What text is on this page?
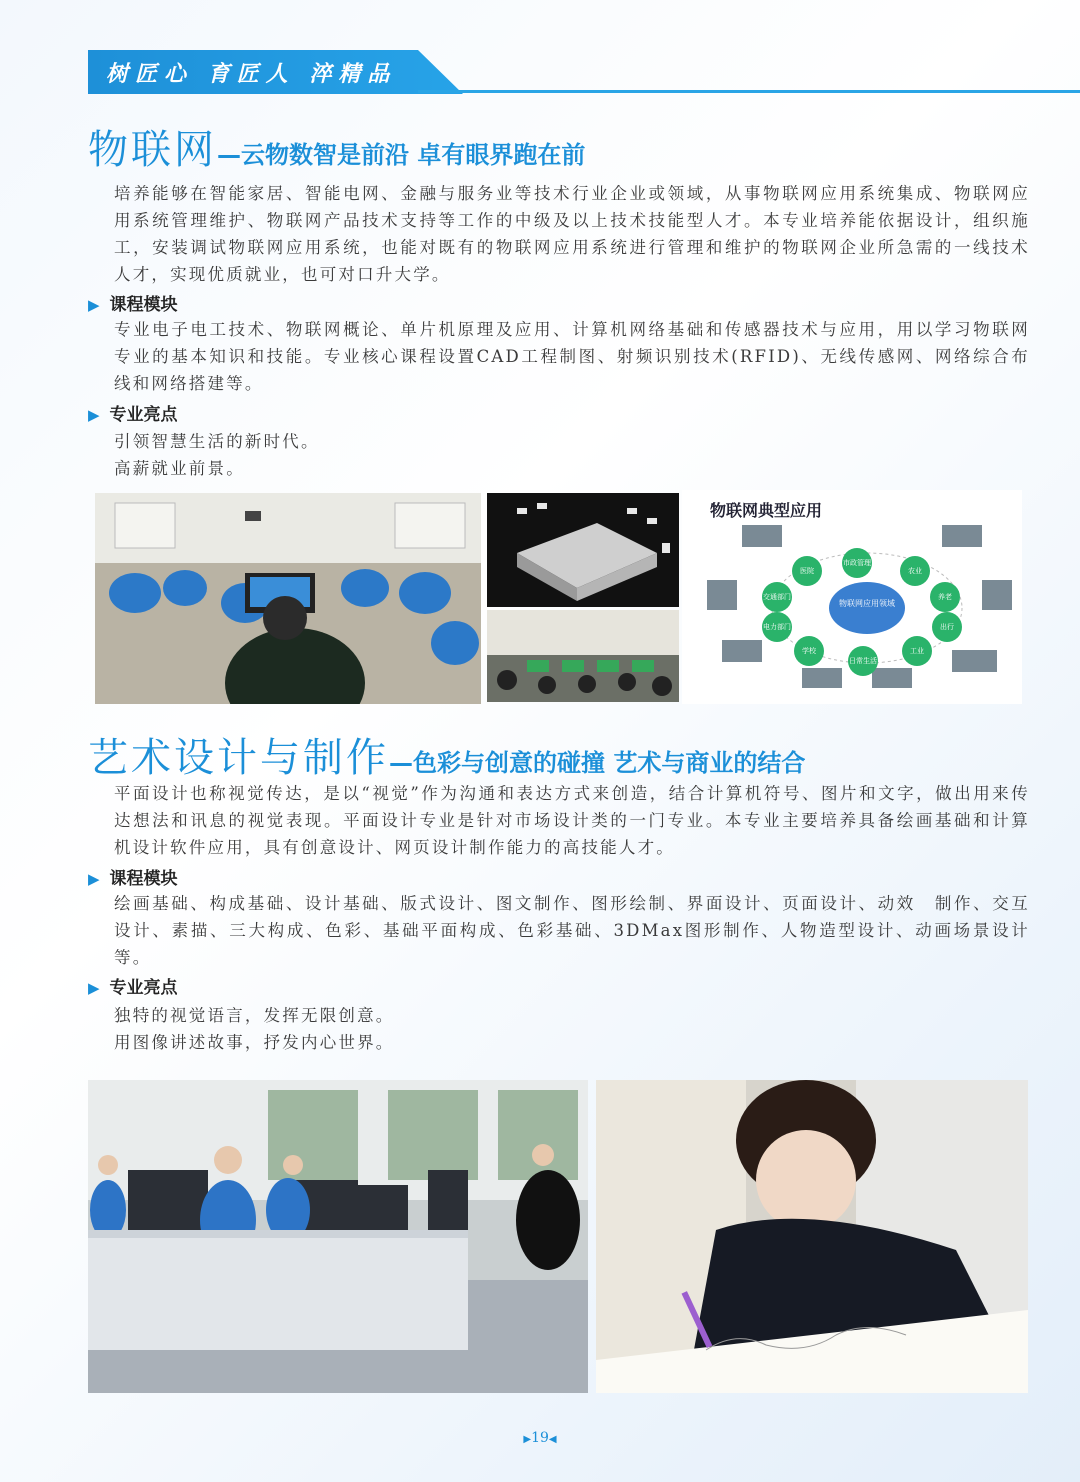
树匠心 育匠人 淬精品
物联网—云物数智是前沿 卓有眼界跑在前

培养能够在智能家居、智能电网、金融与服务业等技术行业企业或领域，从事物联网应用系统集成、物联网应用系统管理维护、物联网产品技术支持等工作的中级及以上技术技能型人才。本专业培养能依据设计，组织施工，安装调试物联网应用系统，也能对既有的物联网应用系统进行管理和维护的物联网企业所急需的一线技术人才，实现优质就业，也可对口升大学。

▶ 课程模块

专业电子电工技术、物联网概论、单片机原理及应用、计算机网络基础和传感器技术与应用，用以学习物联网专业的基本知识和技能。专业核心课程设置CAD工程制图、射频识别技术(RFID)、无线传感网、网络综合布线和网络搭建等。

▶ 专业亮点
引领智慧生活的新时代。
高薪就业前景。
物联网典型应用
物联网应用领域
医院
市政管理
农业
交通部门	养老
电力部门	出行
学校
日常生活
工业
艺术设计与制作—色彩与创意的碰撞 艺术与商业的结合

平面设计也称视觉传达，是以“视觉”作为沟通和表达方式来创造，结合计算机符号、图片和文字，做出用来传达想法和讯息的视觉表现。平面设计专业是针对市场设计类的一门专业。本专业主要培养具备绘画基础和计算机设计软件应用，具有创意设计、网页设计制作能力的高技能人才。

▶ 课程模块

绘画基础、构成基础、设计基础、版式设计、图文制作、图形绘制、界面设计、页面设计、动效　制作、交互设计、素描、三大构成、色彩、基础平面构成、色彩基础、3DMax图形制作、人物造型设计、动画场景设计等。

▶ 专业亮点
独特的视觉语言，发挥无限创意。
用图像讲述故事，抒发内心世界。
▶19◀
